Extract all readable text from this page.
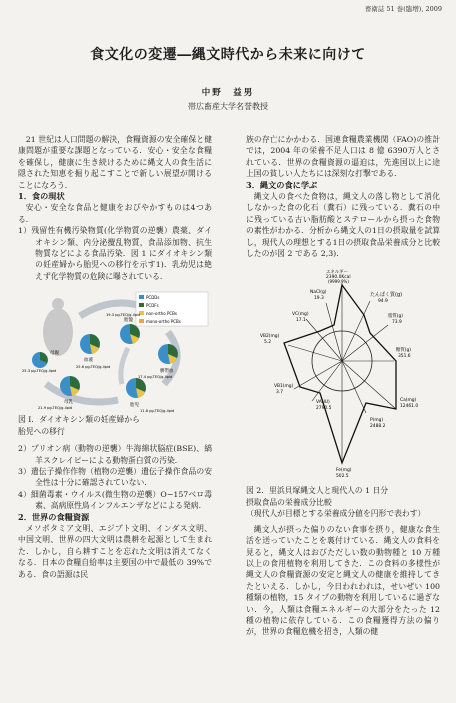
畜衛誌 51 巻(臨増), 2009
食文化の変遷―縄文時代から未来に向けて
中野　益男
帯広畜産大学名誉教授

21 世紀は人口問題の解決，食糧資源の安全確保と健康問題が重要な課題となっている．安心・安全な食糧を確保し，健康に生き続けるために縄文人の食生活に隠された知恵を掘り起こすことで新しい展望が開けることになろう．

1．食の現状

安心・安全な食品と健康をおびやかすものは4つある．

1）残留性有機汚染物質(化学物質の逆襲）農薬、ダイオキシン類、内分泌攪乱物質，食品添加物、抗生物質などによる食品汚染．図 1 にダイオキシン類の妊産婦から胎児への移行を示す1)．乳幼児は絶えず化学物質の危険に曝されている．

PCDDs
PCDFs
non-ortho PCBs
mono-ortho PCBs
母親
血液
胎盤
臍帯血
胎児
母乳
25.3 pg-TEQ/g-lipid
17.4 pg-TEQ/g-lipid
19.3 pg-TEQ/g-lipid
21.9 pg-TEQ/g-lipid
11.8 pg-TEQ/g-lipid
25.6 pg-TEQ/g-lipid

図 I．ダイオキシン類の妊産婦から

胎児への移行

2）プリオン病（動物の逆襲）牛海綿状脳症(BSE)、縞羊スクレイピーによる動物蛋白質の汚染．

3）遺伝子操作作物（植物の逆襲）遺伝子操作食品の安全性は十分に確認されていない．

4）細菌毒素・ウイルス(微生物の逆襲）O−157ベロ毒素、高病原性鳥インフルエンザなどによる発病．

2．世界の食糧資源

メソポタミア文明、エジプト文明、インダス文明、中国文明、世界の四大文明は農耕を起源として生まれた．しかし，自ら耕すことを忘れた文明は消えてなくなる．日本の食糧自給率は主要国の中で最低の 39%である．食の語源は民

族の存亡にかかわる．国連食糧農業機関（FAO)の推計では，2004 年の栄養不足人口は 8 億 6390万人とされている．世界の食糧資源の逼迫は，先進国以上に途上国の貧しい人たちには深刻な打撃である．

3．縄文の食に学ぶ

縄文人の食べた食物は，縄文人の落し物として消化しなかった食の化石（糞石）に残っている．糞石の中に残っている古い脂肪酸とステロールから摂った食物の素性がわかる．分析から縄文人の1日の摂取量を試算し，現代人の理想とする1日の摂取食品栄養成分と比較したのが図 2 である 2,3)．

エネルギー
2390.0Kcal
(9999.9%)
たんぱく質(g)
94.9
脂質(g)
73.9
糖質(g)
351.6
Ca(mg)
12461.0
P(mg)
2488.2
Fe(mg)
502.5
VA(IU)
2790.5
VB1(mg)
3.7
VB2(mg)
5.2
VC(mg)
17.1
NaCl(g)
19.3

図 2．里浜貝塚縄文人と現代人の 1 日分

摂取食品の栄養成分比較

（現代人が目標とする栄養成分値を円形で表わす）

縄文人が摂った偏りのない食事を摂り，健康な食生活を送っていたことを裏付けている．縄文人の食料を見ると，縄文人はおびただしい数の動物種と 10 万種以上の食用植物を利用してきた．この食料の多様性が縄文人の食糧資源の安定と縄文人の健康を維持してきたといえる．しかし，今日われわれは，せいぜい 100 種類の植物，15 タイプの動物を利用しているに過ぎない．今，人類は食糧エネルギーの大部分をたった 12 種の植物に依存している．この食糧獲得方法の偏りが，世界の食糧危機を招き，人類の健
